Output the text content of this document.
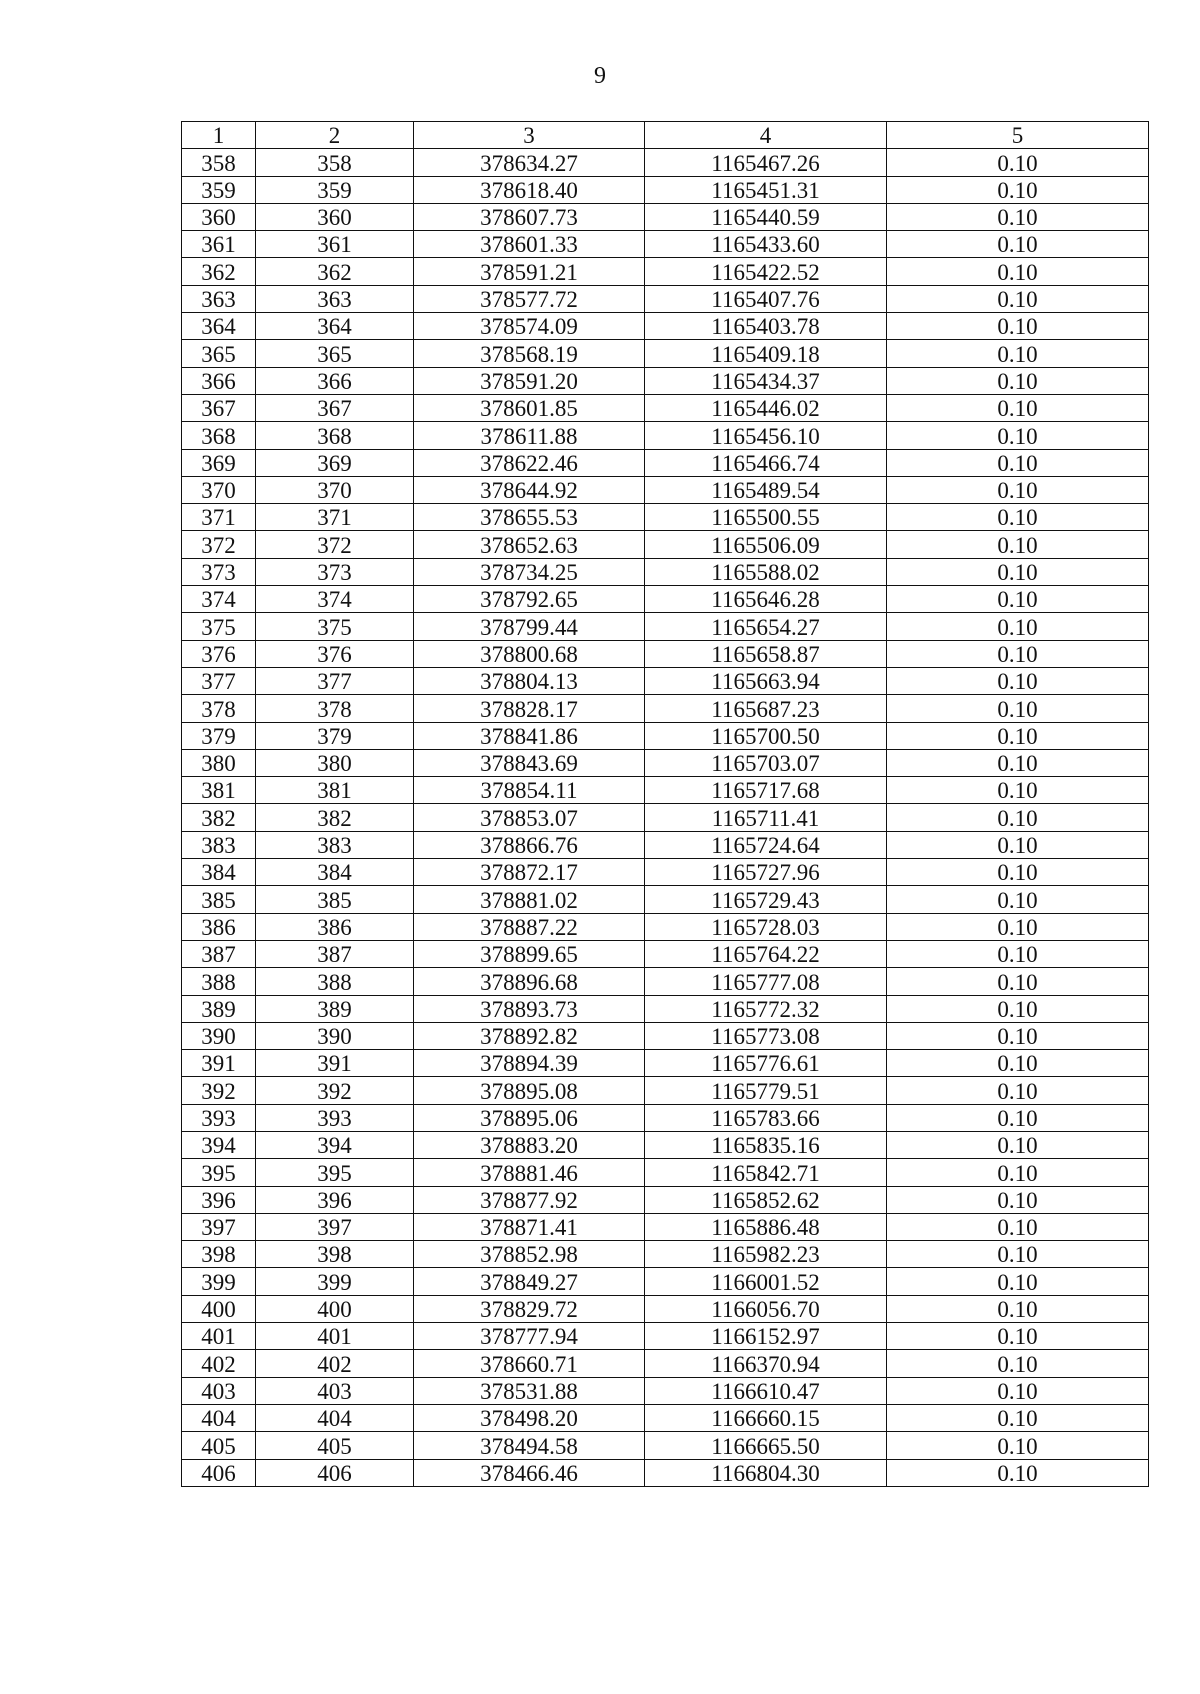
9
1	2	3	4	5
358	358	378634.27	1165467.26	0.10
359	359	378618.40	1165451.31	0.10
360	360	378607.73	1165440.59	0.10
361	361	378601.33	1165433.60	0.10
362	362	378591.21	1165422.52	0.10
363	363	378577.72	1165407.76	0.10
364	364	378574.09	1165403.78	0.10
365	365	378568.19	1165409.18	0.10
366	366	378591.20	1165434.37	0.10
367	367	378601.85	1165446.02	0.10
368	368	378611.88	1165456.10	0.10
369	369	378622.46	1165466.74	0.10
370	370	378644.92	1165489.54	0.10
371	371	378655.53	1165500.55	0.10
372	372	378652.63	1165506.09	0.10
373	373	378734.25	1165588.02	0.10
374	374	378792.65	1165646.28	0.10
375	375	378799.44	1165654.27	0.10
376	376	378800.68	1165658.87	0.10
377	377	378804.13	1165663.94	0.10
378	378	378828.17	1165687.23	0.10
379	379	378841.86	1165700.50	0.10
380	380	378843.69	1165703.07	0.10
381	381	378854.11	1165717.68	0.10
382	382	378853.07	1165711.41	0.10
383	383	378866.76	1165724.64	0.10
384	384	378872.17	1165727.96	0.10
385	385	378881.02	1165729.43	0.10
386	386	378887.22	1165728.03	0.10
387	387	378899.65	1165764.22	0.10
388	388	378896.68	1165777.08	0.10
389	389	378893.73	1165772.32	0.10
390	390	378892.82	1165773.08	0.10
391	391	378894.39	1165776.61	0.10
392	392	378895.08	1165779.51	0.10
393	393	378895.06	1165783.66	0.10
394	394	378883.20	1165835.16	0.10
395	395	378881.46	1165842.71	0.10
396	396	378877.92	1165852.62	0.10
397	397	378871.41	1165886.48	0.10
398	398	378852.98	1165982.23	0.10
399	399	378849.27	1166001.52	0.10
400	400	378829.72	1166056.70	0.10
401	401	378777.94	1166152.97	0.10
402	402	378660.71	1166370.94	0.10
403	403	378531.88	1166610.47	0.10
404	404	378498.20	1166660.15	0.10
405	405	378494.58	1166665.50	0.10
406	406	378466.46	1166804.30	0.10
